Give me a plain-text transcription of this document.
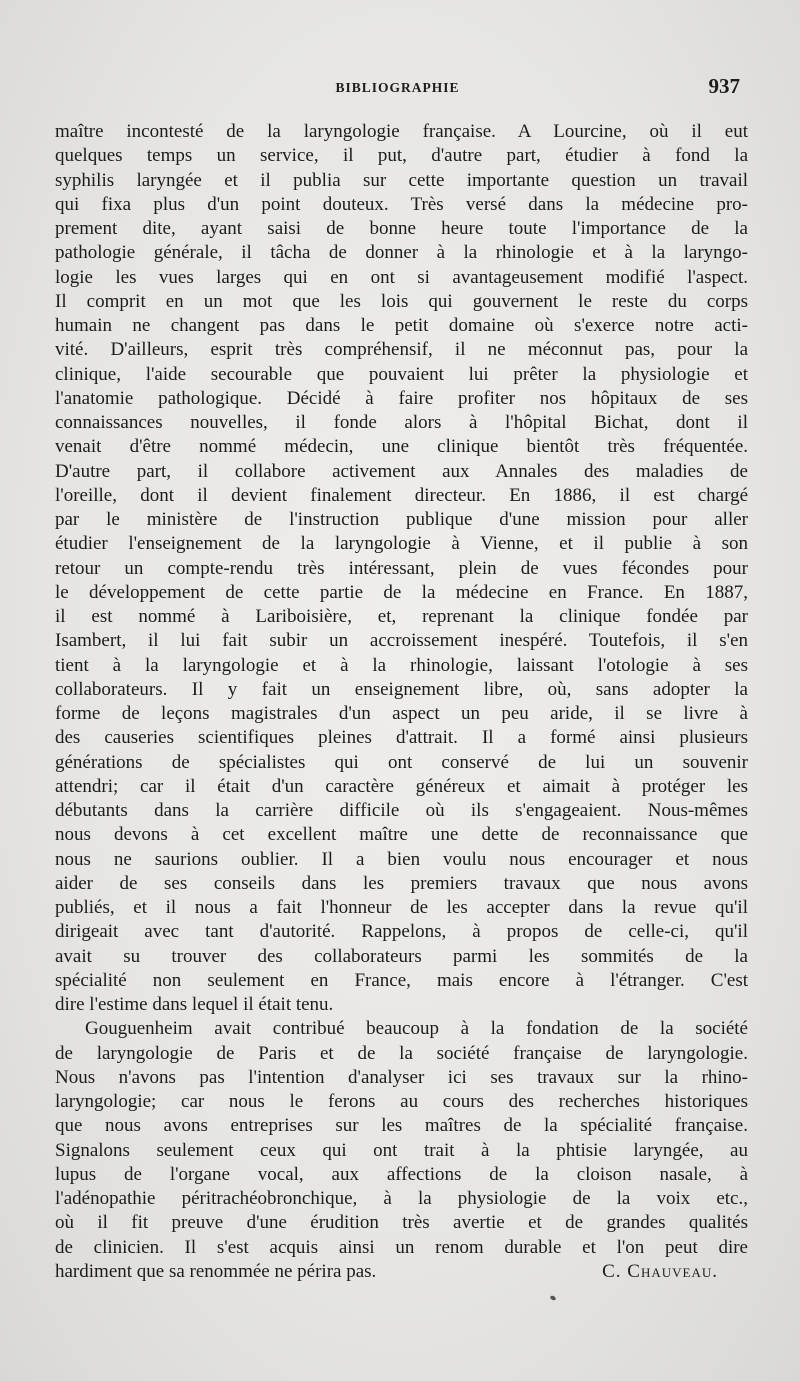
BIBLIOGRAPHIE	937
maître incontesté de la laryngologie française. A Lourcine, où il eut
quelques temps un service, il put, d'autre part, étudier à fond la
syphilis laryngée et il publia sur cette importante question un travail
qui fixa plus d'un point douteux. Très versé dans la médecine pro-
prement dite, ayant saisi de bonne heure toute l'importance de la
pathologie générale, il tâcha de donner à la rhinologie et à la laryngo-
logie les vues larges qui en ont si avantageusement modifié l'aspect.
Il comprit en un mot que les lois qui gouvernent le reste du corps
humain ne changent pas dans le petit domaine où s'exerce notre acti-
vité. D'ailleurs, esprit très compréhensif, il ne méconnut pas, pour la
clinique, l'aide secourable que pouvaient lui prêter la physiologie et
l'anatomie pathologique. Décidé à faire profiter nos hôpitaux de ses
connaissances nouvelles, il fonde alors à l'hôpital Bichat, dont il
venait d'être nommé médecin, une clinique bientôt très fréquentée.
D'autre part, il collabore activement aux Annales des maladies de
l'oreille, dont il devient finalement directeur. En 1886, il est chargé
par le ministère de l'instruction publique d'une mission pour aller
étudier l'enseignement de la laryngologie à Vienne, et il publie à son
retour un compte-rendu très intéressant, plein de vues fécondes pour
le développement de cette partie de la médecine en France. En 1887,
il est nommé à Lariboisière, et, reprenant la clinique fondée par
Isambert, il lui fait subir un accroissement inespéré. Toutefois, il s'en
tient à la laryngologie et à la rhinologie, laissant l'otologie à ses
collaborateurs. Il y fait un enseignement libre, où, sans adopter la
forme de leçons magistrales d'un aspect un peu aride, il se livre à
des causeries scientifiques pleines d'attrait. Il a formé ainsi plusieurs
générations de spécialistes qui ont conservé de lui un souvenir
attendri; car il était d'un caractère généreux et aimait à protéger les
débutants dans la carrière difficile où ils s'engageaient. Nous-mêmes
nous devons à cet excellent maître une dette de reconnaissance que
nous ne saurions oublier. Il a bien voulu nous encourager et nous
aider de ses conseils dans les premiers travaux que nous avons
publiés, et il nous a fait l'honneur de les accepter dans la revue qu'il
dirigeait avec tant d'autorité. Rappelons, à propos de celle-ci, qu'il
avait su trouver des collaborateurs parmi les sommités de la
spécialité non seulement en France, mais encore à l'étranger. C'est
dire l'estime dans lequel il était tenu.
Gouguenheim avait contribué beaucoup à la fondation de la société
de laryngologie de Paris et de la société française de laryngologie.
Nous n'avons pas l'intention d'analyser ici ses travaux sur la rhino-
laryngologie; car nous le ferons au cours des recherches historiques
que nous avons entreprises sur les maîtres de la spécialité française.
Signalons seulement ceux qui ont trait à la phtisie laryngée, au
lupus de l'organe vocal, aux affections de la cloison nasale, à
l'adénopathie péritrachéobronchique, à la physiologie de la voix etc.,
où il fit preuve d'une érudition très avertie et de grandes qualités
de clinicien. Il s'est acquis ainsi un renom durable et l'on peut dire
hardiment que sa renommée ne périra pas.	C. Chauveau.
